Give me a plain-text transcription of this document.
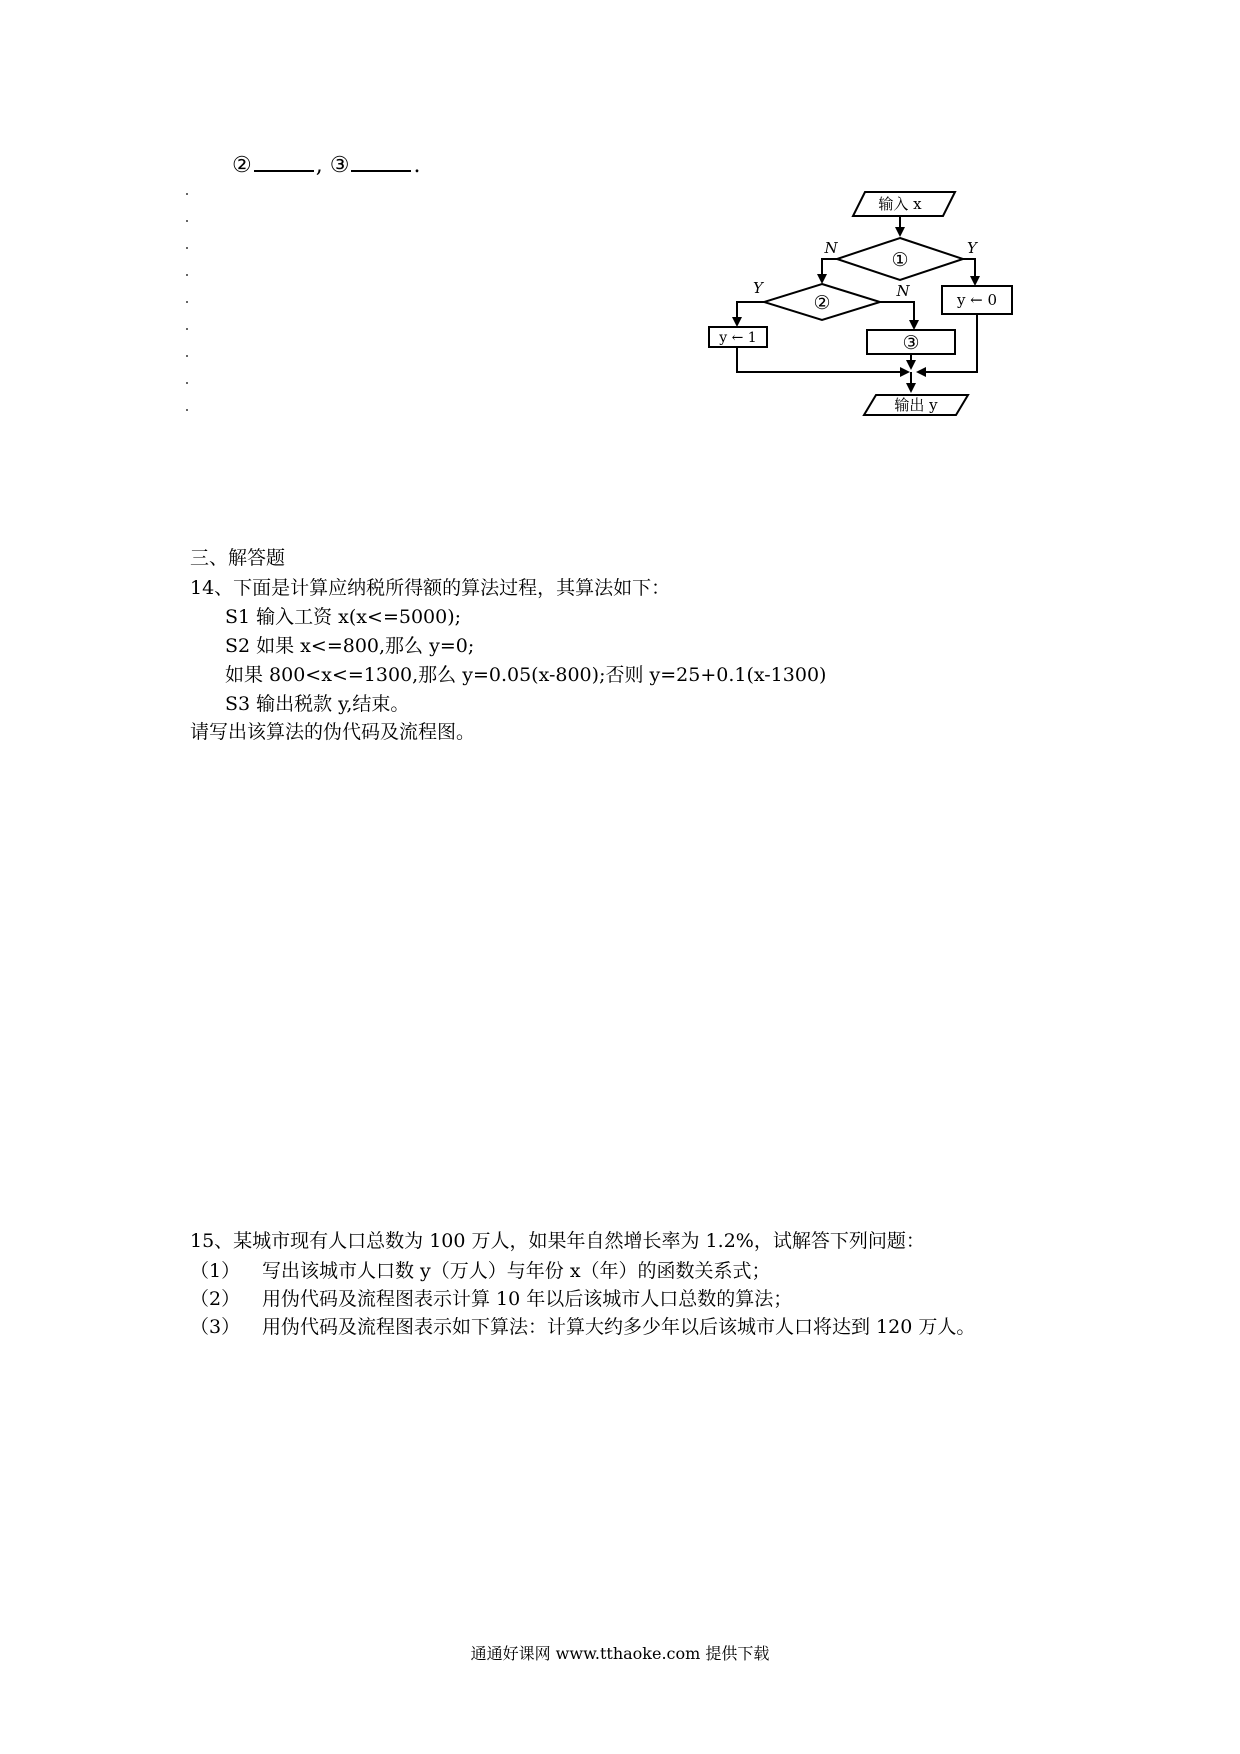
②	, ③	.
输入 x
①
N	Y
②
Y	N	y ← 0
y ← 1	③
输出 y
三、解答题
14、下面是计算应纳税所得额的算法过程，其算法如下：
S1 输入工资 x(x<=5000);
S2 如果 x<=800,那么 y=0;
如果 800<x<=1300,那么 y=0.05(x-800);否则 y=25+0.1(x-1300)
S3 输出税款 y,结束。
请写出该算法的伪代码及流程图。
15、某城市现有人口总数为 100 万人，如果年自然增长率为 1.2%，试解答下列问题：
（1） 写出该城市人口数 y（万人）与年份 x（年）的函数关系式；
（2） 用伪代码及流程图表示计算 10 年以后该城市人口总数的算法；
（3） 用伪代码及流程图表示如下算法：计算大约多少年以后该城市人口将达到 120 万人。
通通好课网 www.tthaoke.com 提供下载
